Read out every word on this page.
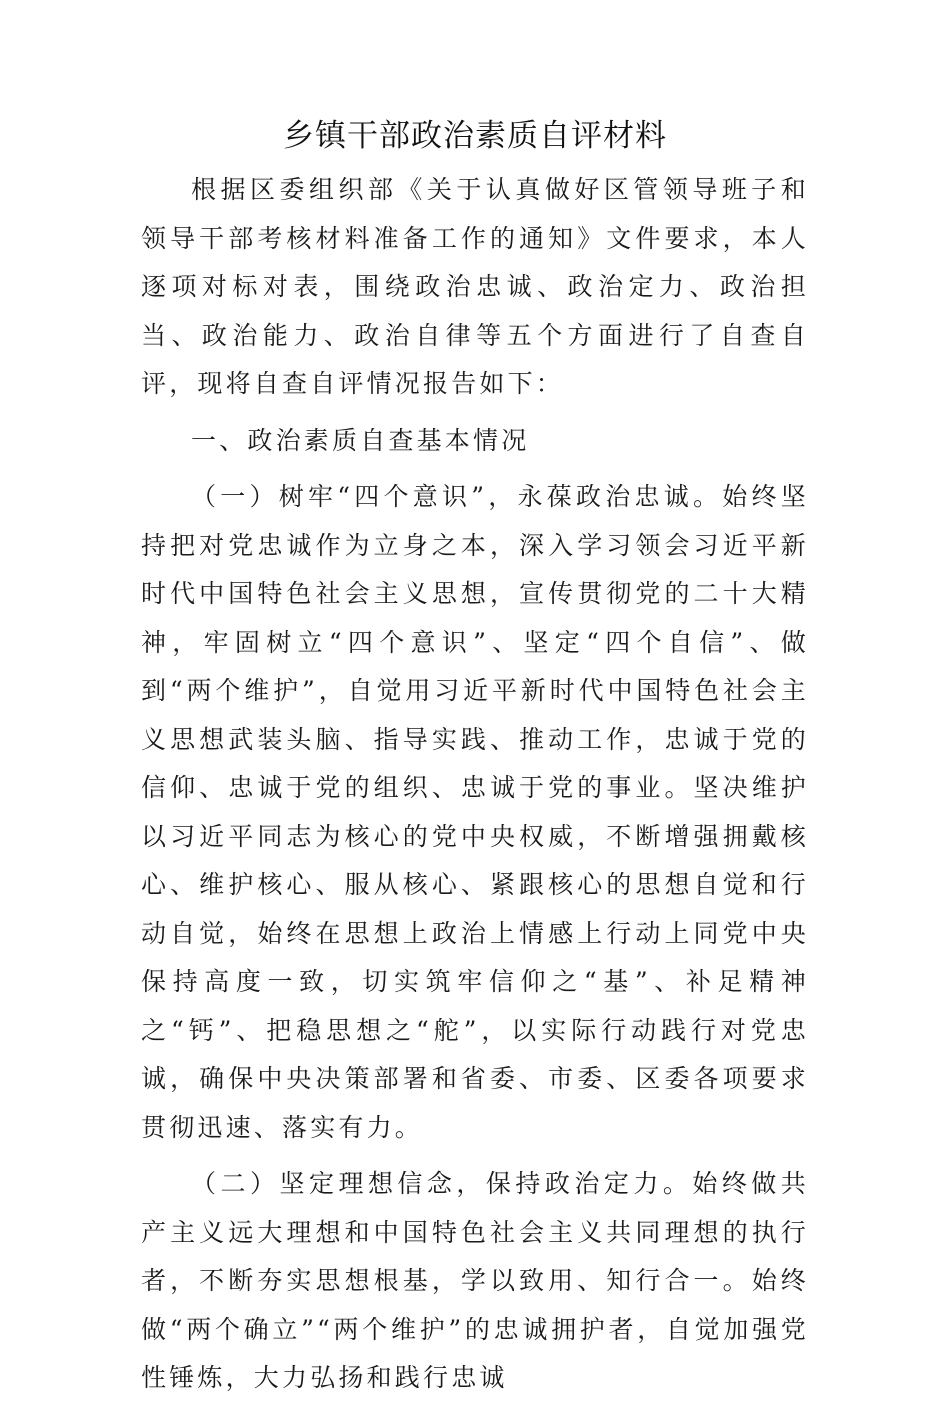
乡镇干部政治素质自评材料

根据区委组织部《关于认真做好区管领导班子和领导干部考核材料准备工作的通知》文件要求，本人逐项对标对表，围绕政治忠诚、政治定力、政治担当、政治能力、政治自律等五个方面进行了自查自评，现将自查自评情况报告如下：

一、政治素质自查基本情况

（一）树牢“四个意识”，永葆政治忠诚。始终坚持把对党忠诚作为立身之本，深入学习领会习近平新时代中国特色社会主义思想，宣传贯彻党的二十大精神，牢固树立“四个意识”、坚定“四个自信”、做到“两个维护”，自觉用习近平新时代中国特色社会主义思想武装头脑、指导实践、推动工作，忠诚于党的信仰、忠诚于党的组织、忠诚于党的事业。坚决维护以习近平同志为核心的党中央权威，不断增强拥戴核心、维护核心、服从核心、紧跟核心的思想自觉和行动自觉，始终在思想上政治上情感上行动上同党中央保持高度一致，切实筑牢信仰之“基”、补足精神之“钙”、把稳思想之“舵”，以实际行动践行对党忠诚，确保中央决策部署和省委、市委、区委各项要求贯彻迅速、落实有力。

（二）坚定理想信念，保持政治定力。始终做共产主义远大理想和中国特色社会主义共同理想的执行者，不断夯实思想根基，学以致用、知行合一。始终做“两个确立”“两个维护”的忠诚拥护者，自觉加强党性锤炼，大力弘扬和践行忠诚
